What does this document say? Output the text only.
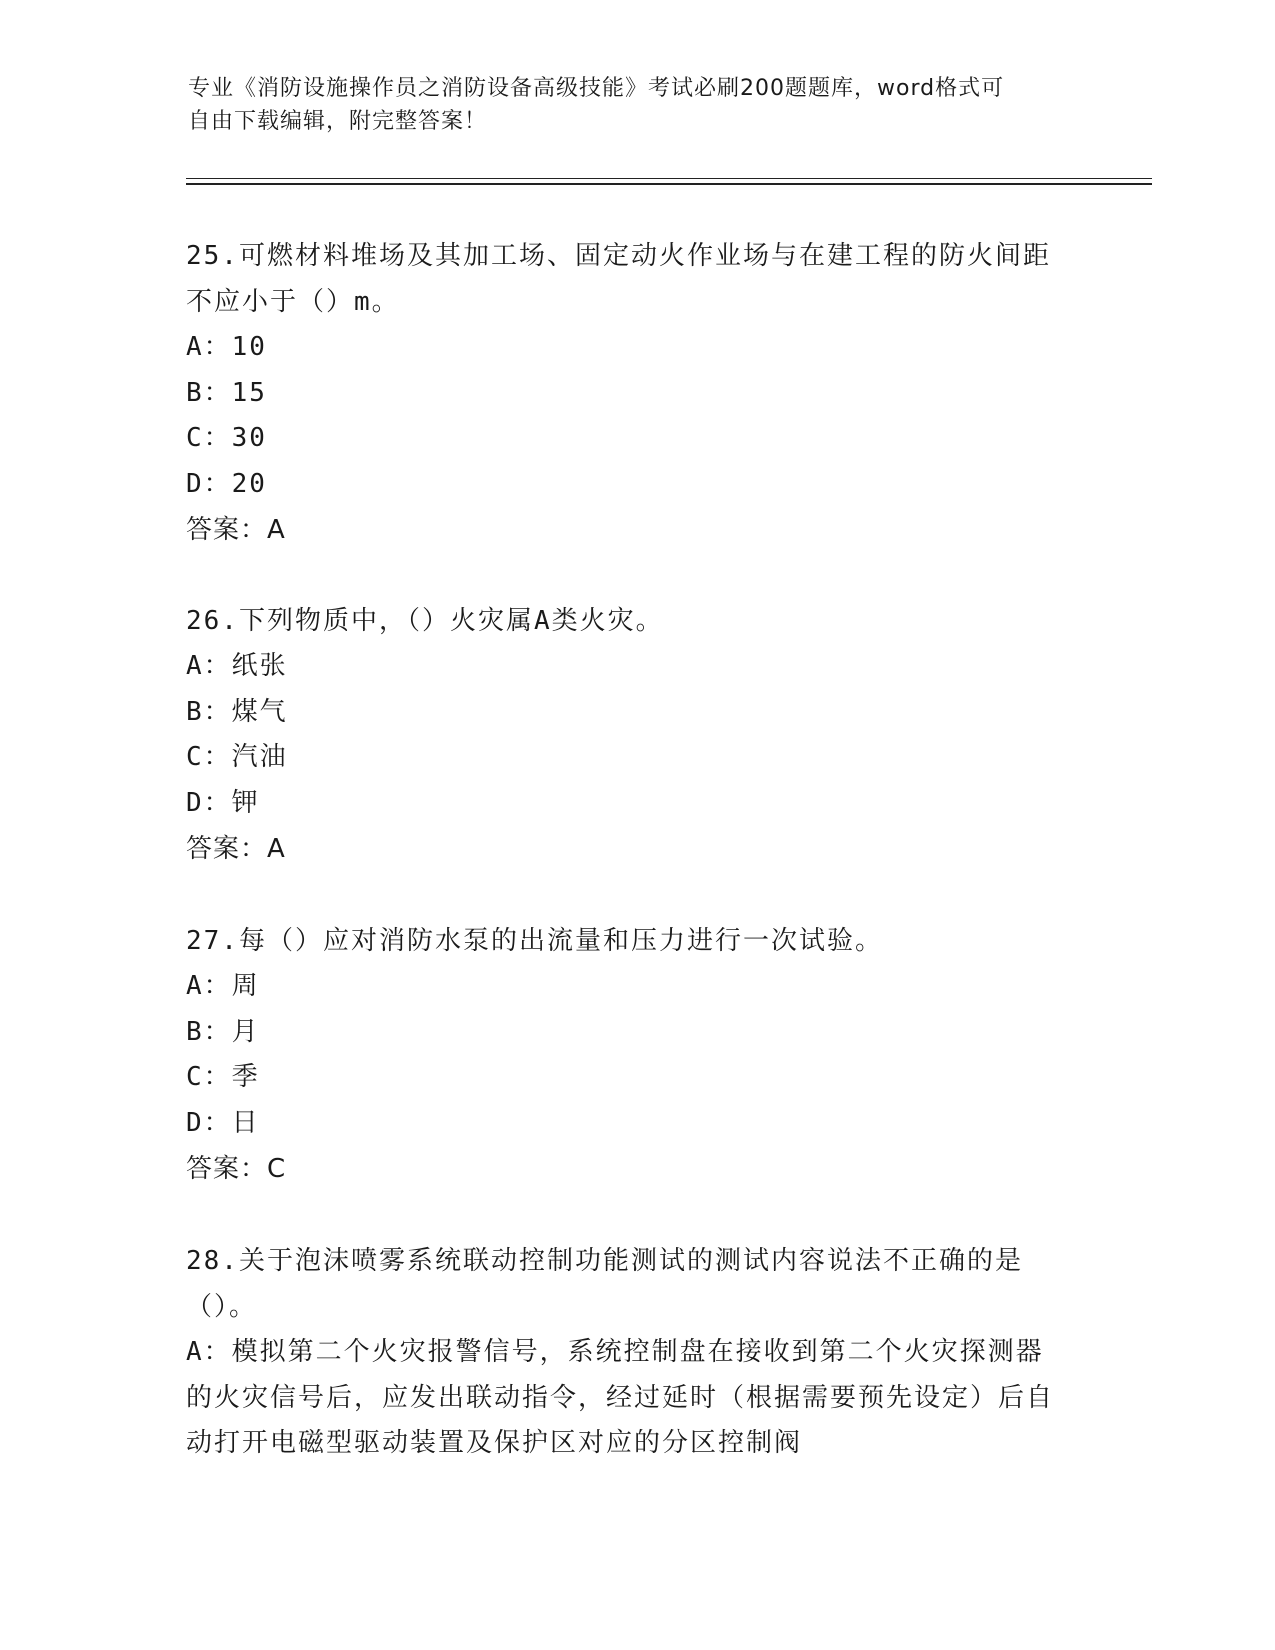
专业《消防设施操作员之消防设备高级技能》考试必刷200题题库，word格式可
自由下载编辑，附完整答案！

25.可燃材料堆场及其加工场、固定动火作业场与在建工程的防火间距不应小于（）m。

A：10

B：15

C：30

D：20

答案：A

26.下列物质中，（）火灾属A类火灾。

A：纸张

B：煤气

C：汽油

D：钾

答案：A

27.每（）应对消防水泵的出流量和压力进行一次试验。

A：周

B：月

C：季

D：日

答案：C

28.关于泡沫喷雾系统联动控制功能测试的测试内容说法不正确的是（）。

A：模拟第二个火灾报警信号，系统控制盘在接收到第二个火灾探测器的火灾信号后，应发出联动指令，经过延时（根据需要预先设定）后自动打开电磁型驱动装置及保护区对应的分区控制阀
